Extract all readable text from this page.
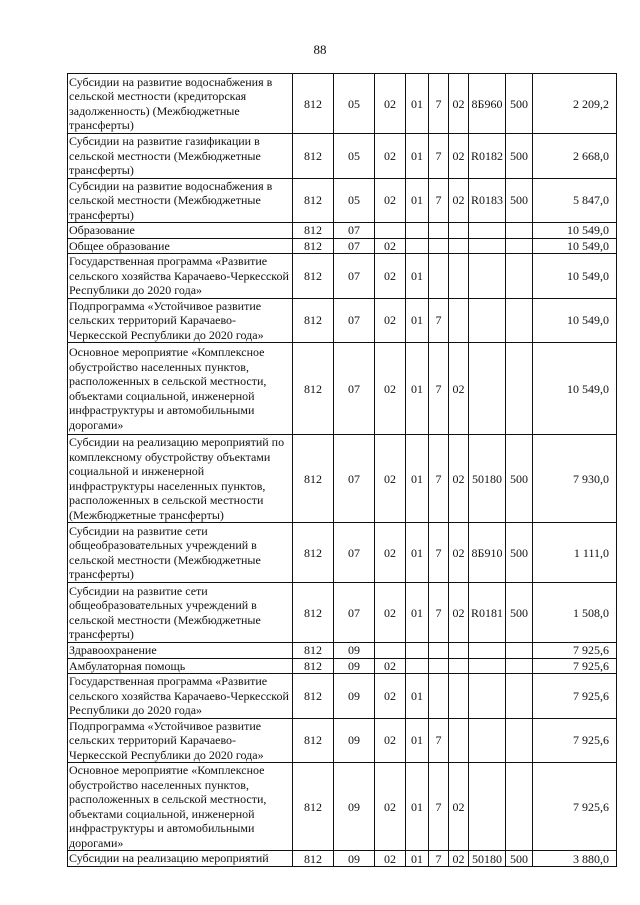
88
Субсидии на развитие водоснабжения в сельской местности (кредиторская задолженность) (Межбюджетные трансферты)	812	05	02	01	7	02	8Б960	500	2 209,2
Субсидии на развитие газификации в сельской местности (Межбюджетные трансферты)	812	05	02	01	7	02	R0182	500	2 668,0
Субсидии на развитие водоснабжения в сельской местности (Межбюджетные трансферты)	812	05	02	01	7	02	R0183	500	5 847,0
Образование	812	07							10 549,0
Общее образование	812	07	02						10 549,0
Государственная программа «Развитие сельского хозяйства Карачаево-Черкесской Республики до 2020 года»	812	07	02	01					10 549,0
Подпрограмма «Устойчивое развитие сельских территорий Карачаево-Черкесской Республики до 2020 года»	812	07	02	01	7				10 549,0
Основное мероприятие «Комплексное обустройство населенных пунктов, расположенных в сельской местности, объектами социальной, инженерной инфраструктуры и автомобильными дорогами»	812	07	02	01	7	02			10 549,0
Субсидии на реализацию мероприятий по комплексному обустройству объектами социальной и инженерной инфраструктуры населенных пунктов, расположенных в сельской местности (Межбюджетные трансферты)	812	07	02	01	7	02	50180	500	7 930,0
Субсидии на развитие сети общеобразовательных учреждений в сельской местности (Межбюджетные трансферты)	812	07	02	01	7	02	8Б910	500	1 111,0
Субсидии на развитие сети общеобразовательных учреждений в сельской местности (Межбюджетные трансферты)	812	07	02	01	7	02	R0181	500	1 508,0
Здравоохранение	812	09							7 925,6
Амбулаторная помощь	812	09	02						7 925,6
Государственная программа «Развитие сельского хозяйства Карачаево-Черкесской Республики до 2020 года»	812	09	02	01					7 925,6
Подпрограмма «Устойчивое развитие сельских территорий Карачаево-Черкесской Республики до 2020 года»	812	09	02	01	7				7 925,6
Основное мероприятие «Комплексное обустройство населенных пунктов, расположенных в сельской местности, объектами социальной, инженерной инфраструктуры и автомобильными дорогами»	812	09	02	01	7	02			7 925,6
Субсидии на реализацию мероприятий	812	09	02	01	7	02	50180	500	3 880,0
